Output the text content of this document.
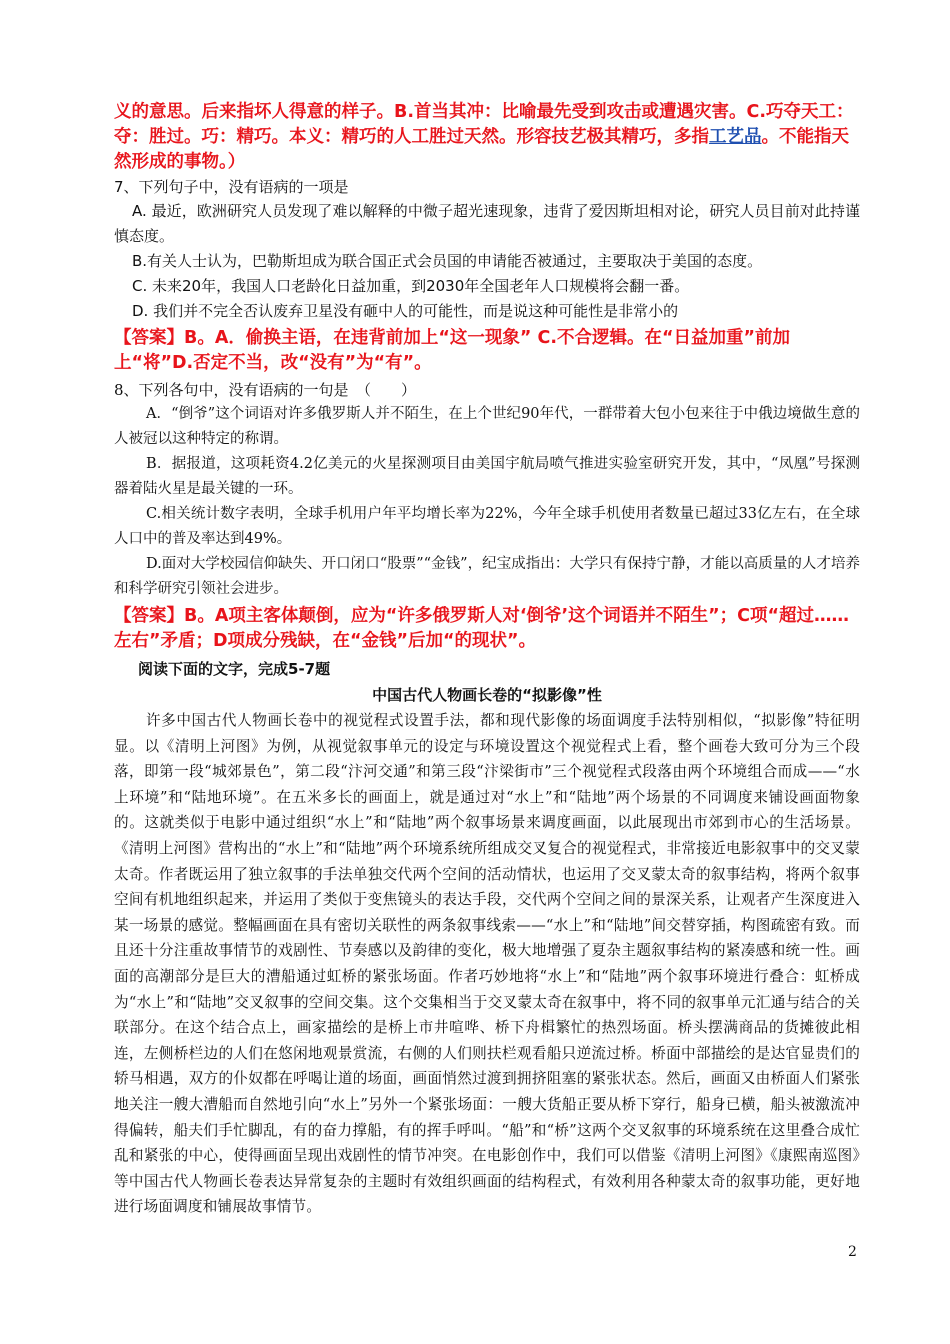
义的意思。后来指坏人得意的样子。B.首当其冲：比喻最先受到攻击或遭遇灾害。C.巧夺天工：夺：胜过。巧：精巧。本义：精巧的人工胜过天然。形容技艺极其精巧，多指工艺品。不能指天然形成的事物。）

7、下列句子中，没有语病的一项是

A. 最近，欧洲研究人员发现了难以解释的中微子超光速现象，违背了爱因斯坦相对论，研究人员目前对此持谨慎态度。

B.有关人士认为，巴勒斯坦成为联合国正式会员国的申请能否被通过，主要取决于美国的态度。

C. 未来20年，我国人口老龄化日益加重，到2030年全国老年人口规模将会翻一番。

D. 我们并不完全否认废弃卫星没有砸中人的可能性，而是说这种可能性是非常小的

【答案】B。A．偷换主语，在违背前加上“这一现象” C.不合逻辑。在“日益加重”前加上“将”D.否定不当，改“没有”为“有”。

8、下列各句中，没有语病的一句是　（　　）

A．“倒爷”这个词语对许多俄罗斯人并不陌生，在上个世纪90年代，一群带着大包小包来往于中俄边境做生意的人被冠以这种特定的称谓。

B．据报道，这项耗资4.2亿美元的火星探测项目由美国宇航局喷气推进实验室研究开发，其中，“凤凰”号探测器着陆火星是最关键的一环。

C.相关统计数字表明，全球手机用户年平均增长率为22%，今年全球手机使用者数量已超过33亿左右，在全球人口中的普及率达到49%。

D.面对大学校园信仰缺失、开口闭口“股票”“金钱”，纪宝成指出：大学只有保持宁静，才能以高质量的人才培养和科学研究引领社会进步。

【答案】B。A项主客体颠倒，应为“许多俄罗斯人对‘倒爷’这个词语并不陌生”；C项“超过……左右”矛盾；D项成分残缺，在“金钱”后加“的现状”。

阅读下面的文字，完成5-7题

中国古代人物画长卷的“拟影像”性

许多中国古代人物画长卷中的视觉程式设置手法，都和现代影像的场面调度手法特别相似，“拟影像”特征明显。以《清明上河图》为例，从视觉叙事单元的设定与环境设置这个视觉程式上看，整个画卷大致可分为三个段落，即第一段“城郊景色”，第二段“汴河交通”和第三段“汴梁街市”三个视觉程式段落由两个环境组合而成——“水上环境”和“陆地环境”。在五米多长的画面上，就是通过对“水上”和“陆地”两个场景的不同调度来铺设画面物象的。这就类似于电影中通过组织“水上”和“陆地”两个叙事场景来调度画面，以此展现出市郊到市心的生活场景。《清明上河图》营构出的“水上”和“陆地”两个环境系统所组成交叉复合的视觉程式，非常接近电影叙事中的交叉蒙太奇。作者既运用了独立叙事的手法单独交代两个空间的活动情状，也运用了交叉蒙太奇的叙事结构，将两个叙事空间有机地组织起来，并运用了类似于变焦镜头的表达手段，交代两个空间之间的景深关系，让观者产生深度进入某一场景的感觉。整幅画面在具有密切关联性的两条叙事线索——“水上”和“陆地”间交替穿插，构图疏密有致。而且还十分注重故事情节的戏剧性、节奏感以及韵律的变化，极大地增强了夏杂主题叙事结构的紧凑感和统一性。画面的高潮部分是巨大的漕船通过虹桥的紧张场面。作者巧妙地将“水上”和“陆地”两个叙事环境进行叠合：虹桥成为“水上”和“陆地”交叉叙事的空间交集。这个交集相当于交叉蒙太奇在叙事中，将不同的叙事单元汇通与结合的关联部分。在这个结合点上，画家描绘的是桥上市井喧哗、桥下舟楫繁忙的热烈场面。桥头摆满商品的货摊彼此相连，左侧桥栏边的人们在悠闲地观景赏流，右侧的人们则扶栏观看船只逆流过桥。桥面中部描绘的是达官显贵们的轿马相遇，双方的仆奴都在呼喝让道的场面，画面悄然过渡到拥挤阻塞的紧张状态。然后，画面又由桥面人们紧张地关注一艘大漕船而自然地引向“水上”另外一个紧张场面：一艘大货船正要从桥下穿行，船身已横，船头被激流冲得偏转，船夫们手忙脚乱，有的奋力撑船，有的挥手呼叫。“船”和“桥”这两个交叉叙事的环境系统在这里叠合成忙乱和紧张的中心，使得画面呈现出戏剧性的情节冲突。在电影创作中，我们可以借鉴《清明上河图》《康熙南巡图》等中国古代人物画长卷表达异常复杂的主题时有效组织画面的结构程式，有效利用各种蒙太奇的叙事功能，更好地进行场面调度和铺展故事情节。

2
